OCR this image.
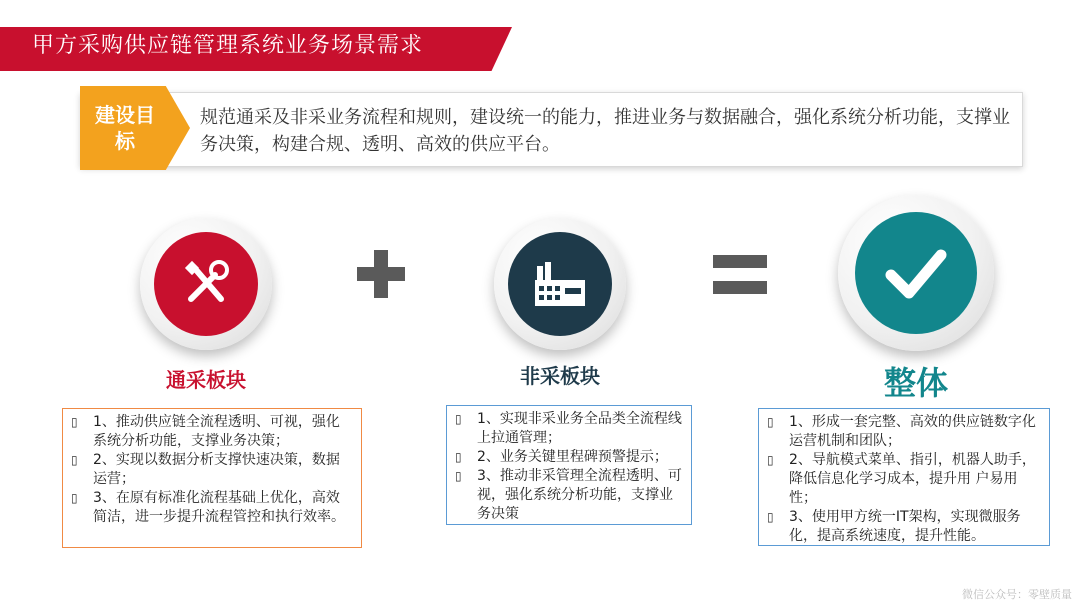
甲方采购供应链管理系统业务场景需求
建设目标
规范通采及非采业务流程和规则，建设统一的能力，推进业务与数据融合，强化系统分析功能，支撑业务决策，构建合规、透明、高效的供应平台。
通采板块	非采板块	整体
▯	1、推动供应链全流程透明、可视，强化系统分析功能，支撑业务决策；
▯	2、实现以数据分析支撑快速决策，数据运营；
▯	3、在原有标准化流程基础上优化，高效简洁，进一步提升流程管控和执行效率。
▯	1、实现非采业务全品类全流程线上拉通管理；
▯	2、业务关键里程碑预警提示；
▯	3、推动非采管理全流程透明、可视，强化系统分析功能，支撑业务决策
▯	1、形成一套完整、高效的供应链数字化运营机制和团队；
▯	2、导航模式菜单、指引，机器人助手，降低信息化学习成本，提升用 户易用性；
▯	3、使用甲方统一IT架构，实现微服务化，提高系统速度，提升性能。
微信公众号：零壁质量
